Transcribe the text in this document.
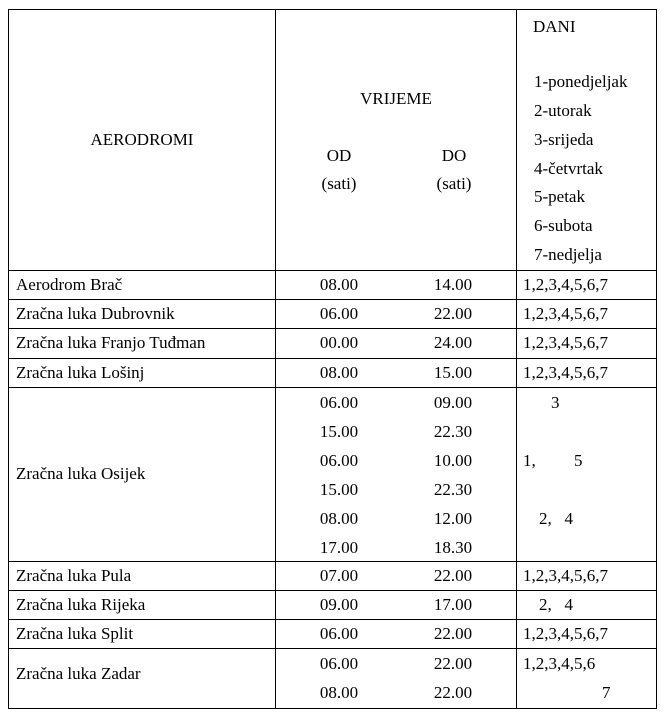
AERODROMI
VRIJEME
OD
(sati)
DO
(sati)
DANI
1-ponedjeljak
2-utorak
3-srijeda
4-četvrtak
5-petak
6-subota
7-nedjelja
Aerodrom Brač	08.00	14.00	1,2,3,4,5,6,7
Zračna luka Dubrovnik	06.00	22.00	1,2,3,4,5,6,7
Zračna luka Franjo Tuđman	00.00	24.00	1,2,3,4,5,6,7
Zračna luka Lošinj	08.00	15.00	1,2,3,4,5,6,7
Zračna luka Osijek
06.00	09.00	3
15.00	22.30
06.00	10.00	1,         5
15.00	22.30
08.00	12.00	2,   4
17.00	18.30
Zračna luka Pula	07.00	22.00	1,2,3,4,5,6,7
Zračna luka Rijeka	09.00	17.00	2,   4
Zračna luka Split	06.00	22.00	1,2,3,4,5,6,7
Zračna luka Zadar
06.00	22.00	1,2,3,4,5,6
08.00	22.00	7
